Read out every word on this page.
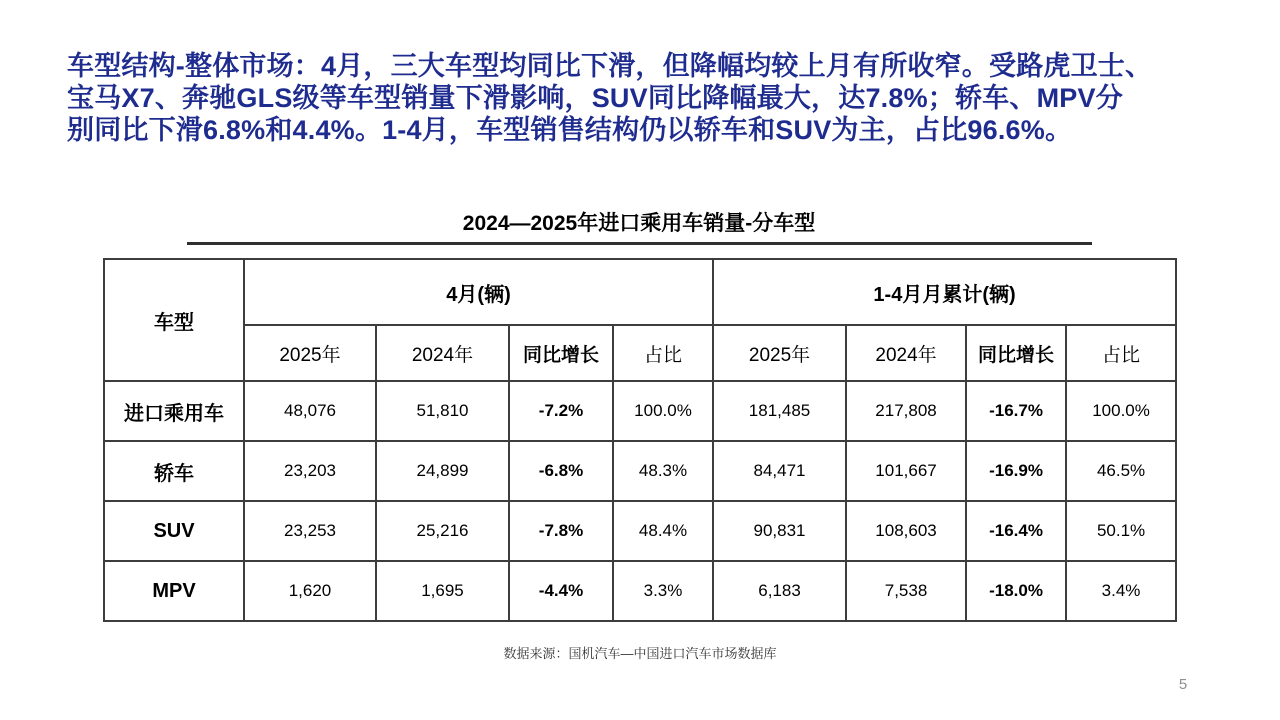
车型结构-整体市场：4月，三大车型均同比下滑，但降幅均较上月有所收窄。受路虎卫士、
宝马X7、奔驰GLS级等车型销量下滑影响，SUV同比降幅最大，达7.8%；轿车、MPV分
别同比下滑6.8%和4.4%。1-4月，车型销售结构仍以轿车和SUV为主，占比96.6%。
2024—2025年进口乘用车销量-分车型
车型	4月(辆)				1-4月月累计(辆)			
	2025年	2024年	同比增长	占比	2025年	2024年	同比增长	占比
进口乘用车	48,076	51,810	-7.2%	100.0%	181,485	217,808	-16.7%	100.0%
轿车	23,203	24,899	-6.8%	48.3%	84,471	101,667	-16.9%	46.5%
SUV	23,253	25,216	-7.8%	48.4%	90,831	108,603	-16.4%	50.1%
MPV	1,620	1,695	-4.4%	3.3%	6,183	7,538	-18.0%	3.4%
数据来源：国机汽车—中国进口汽车市场数据库
5
